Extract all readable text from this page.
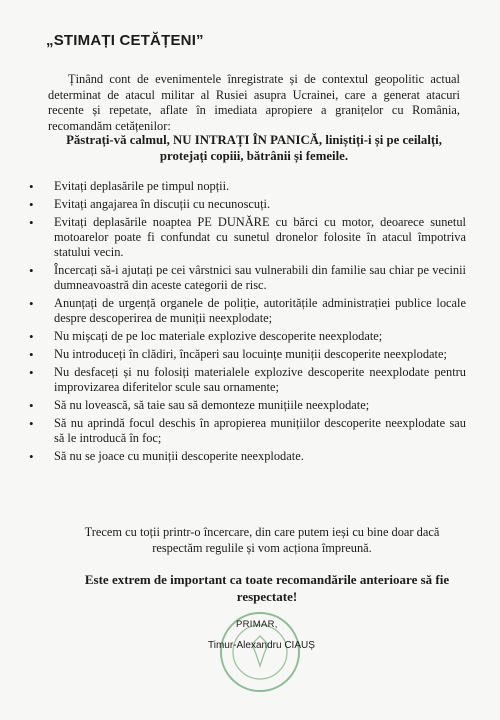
„STIMAȚI CETĂȚENI”
Ținând cont de evenimentele înregistrate și de contextul geopolitic actual determinat de atacul militar al Rusiei asupra Ucrainei, care a generat atacuri recente și repetate, aflate în imediata apropiere a granițelor cu România, recomandăm cetățenilor:
Păstrați-vă calmul, NU INTRAȚI ÎN PANICĂ, liniștiți-i și pe ceilalți, protejați copiii, bătrânii și femeile.
• Evitați deplasările pe timpul nopții.
• Evitați angajarea în discuții cu necunoscuți.
• Evitați deplasările noaptea PE DUNĂRE cu bărci cu motor, deoarece sunetul motoarelor poate fi confundat cu sunetul dronelor folosite în atacul împotriva statului vecin.
• Încercați să-i ajutați pe cei vârstnici sau vulnerabili din familie sau chiar pe vecinii dumneavoastră din aceste categorii de risc.
• Anunțați de urgență organele de poliție, autoritățile administrației publice locale despre descoperirea de muniții neexplodate;
• Nu mișcați de pe loc materiale explozive descoperite neexplodate;
• Nu introduceți în clădiri, încăperi sau locuințe muniții descoperite neexplodate;
• Nu desfaceți și nu folosiți materialele explozive descoperite neexplodate pentru improvizarea diferitelor scule sau ornamente;
• Să nu lovească, să taie sau să demonteze munițiile neexplodate;
• Să nu aprindă focul deschis în apropierea munițiilor descoperite neexplodate sau să le introducă în foc;
• Să nu se joace cu muniții descoperite neexplodate.
Trecem cu toții printr-o încercare, din care putem ieși cu bine doar dacă respectăm regulile și vom acționa împreună.
Este extrem de important ca toate recomandările anterioare să fie respectate!
PRIMAR,
Timur-Alexandru CIAUȘ
